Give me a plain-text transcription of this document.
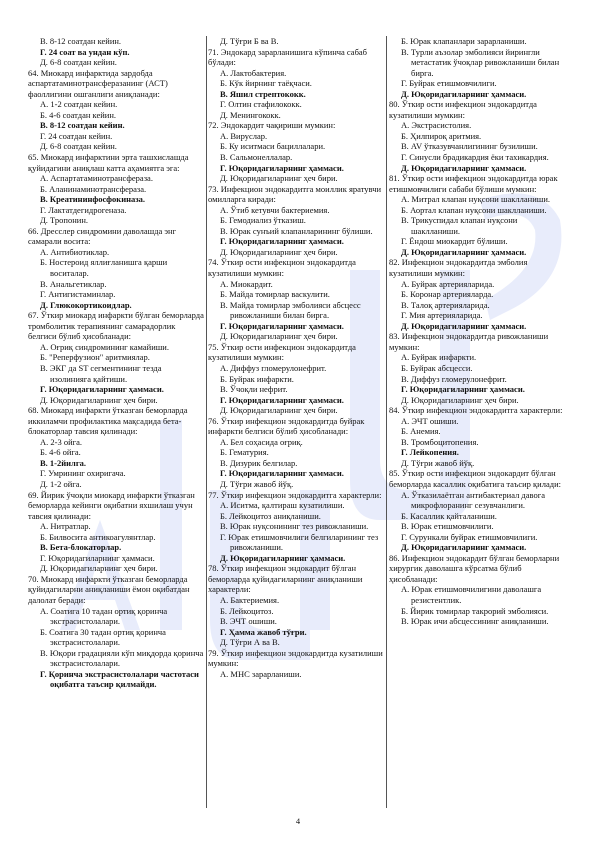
В. 8-12 соатдан кейин.
Г. 24 соат ва ундан кўп.
Д. 6-8 соатдан кейин.
64. Миокард инфарктида зардобда аспартатаминотрансферазанинг (АСТ) фаоллигини ошганлиги аниқланади:
А. 1-2 соатдан кейин.
Б. 4-6 соатдан кейин.
В. 8-12 соатдан кейин.
Г. 24 соатдан кейин.
Д. 6-8 соатдан кейин.
65. Миокард инфарктини эрта ташхислашда қуйидагини аниқлаш катта аҳамиятга эга:
А. Аспартатаминотрансфераза.
Б. Аланинаминотрансфераза.
В. Креатининфосфокиназа.
Г. Лактатдегидрогеназа.
Д. Тропонин.
66. Дресслер синдромини даволашда энг самарали восита:
А. Антибиотиклар.
Б. Ностероид яллиғланишга қарши воситалар.
В. Анальгетиклар.
Г. Антигистаминлар.
Д. Глюкокортикоидлар.
67. Ўткир миокард инфаркти бўлган беморларда тромболитик терапиянинг самарадорлик белгиси бўлиб ҳисобланади:
А. Оғриқ синдромининг камайиши.
Б. "Реперфузион" аритмиялар.
В. ЭКГ да ST сегментининг тезда изолинияга қайтиши.
Г. Юқоридагиларнинг ҳаммаси.
Д. Юқоридагиларнинг ҳеч бири.
68. Миокард инфаркти ўтказган беморларда иккиламчи профилактика мақсадида бета-блокаторлар тавсия қилинади:
А. 2-3 ойга.
Б. 4-6 ойга.
В. 1-2йилга.
Г. Умрининг охиригача.
Д. 1-2 ойга.
69. Йирик ўчоқли миокард инфаркти ўтказган беморларда кейинги оқибатни яхшилаш учун тавсия қилинади:
А. Нитратлар.
Б. Билвосита антикоагулянтлар.
В. Бета-блокаторлар.
Г. Юқоридагиларнинг ҳаммаси.
Д. Юқоридагиларнинг ҳеч бири.
70. Миокард инфаркти ўтказган беморларда қуйидагиларни аниқланиши ёмон оқибатдан далолат беради:
А. Соатига 10 тадан ортиқ қоринча экстрасистолалари.
Б. Соатига 30 тадан ортиқ қоринча экстрасистолалари.
В. Юқори градацияли кўп миқдорда қоринча экстрасистолалари.
Г. Қоринча экстрасистолалари частотаси оқибатга таъсир қилмайди.
Д. Тўғри Б ва В.
71. Эндокард зарарланишига кўпинча сабаб бўлади:
А. Лактобактерия.
Б. Кўк йирнинг таёқчаси.
В. Яшил стрептококк.
Г. Олтин стафилококк.
Д. Менингококк.
72. Эндокардит чақириши мумкин:
А. Вируслар.
Б. Ку иситмаси бациллалари.
В. Сальмонеллалар.
Г. Юқоридагиларнинг ҳаммаси.
Д. Юқоридагиларнинг ҳеч бири.
73. Инфекцион эндокардитга моиллик яратувчи омилларга киради:
А. Ўтиб кетувчи бактериемия.
Б. Гемодиализ ўтказиш.
В. Юрак сунъий клапанларининг бўлиши.
Г. Юқоридагиларнинг ҳаммаси.
Д. Юқоридагиларнинг ҳеч бири.
74. Ўткир ости инфекцион эндокардитда кузатилиши мумкин:
А. Миокардит.
Б. Майда томирлар васкулити.
В. Майда томирлар эмболияси абсцесс ривожланиши билан бирга.
Г. Юқоридагиларнинг ҳаммаси.
Д. Юқоридагиларнинг ҳеч бири.
75. Ўткир ости инфекцион эндокардитда кузатилиши мумкин:
А. Диффуз гломерулонефрит.
Б. Буйрак инфаркти.
В. Ўчоқли нефрит.
Г. Юқоридагиларнинг ҳаммаси.
Д. Юқоридагиларнинг ҳеч бири.
76. Ўткир инфекцион эндокардитда буйрак инфаркти белгиси бўлиб ҳисобланади:
А. Бел соҳасида оғриқ.
Б. Гематурия.
В. Дизурик белгилар.
Г. Юқоридагиларнинг ҳаммаси.
Д. Тўғри жавоб йўқ.
77. Ўткир инфекцион эндокардитга характерли:
А. Иситма, қалтираш кузатилиши.
Б. Лейкоцитоз аниқланиши.
В. Юрак нуқсонининг тез ривожланиши.
Г. Юрак етишмовчилиги белгиларининг тез ривожланиши.
Д. Юқоридагиларнинг ҳаммаси.
78. Ўткир инфекцион эндокардит бўлган беморларда қуйидагиларнинг аниқланиши характерли:
А. Бактериемия.
Б. Лейкоцитоз.
В. ЭЧТ ошиши.
Г. Ҳамма жавоб тўғри.
Д. Тўғри А ва В.
79. Ўткир инфекцион эндокардитда кузатилиши мумкин:
А. МНС зарарланиши.
Б. Юрак клапанлари зарарланиши.
В. Турли аъзолар эмболияси йирингли метастатик ўчоқлар ривожланиши билан бирга.
Г. Буйрак етишмовчилиги.
Д. Юқоридагиларнинг ҳаммаси.
80. Ўткир ости инфекцион эндокардитда кузатилиши мумкин:
А. Экстрасистолия.
Б. Ҳилпироқ аритмия.
В. AV ўтказувчанлигининг бузилиши.
Г. Синусли брадикардия ёки тахикардия.
Д. Юқоридагиларнинг ҳаммаси.
81. Ўткир ости инфекцион эндокардитда юрак етишмовчилиги сабаби бўлиши мумкин:
А. Митрал клапан нуқсони шаклланиши.
Б. Аортал клапан нуқсони шаклланиши.
В. Трикуспидал клапан нуқсони шаклланиши.
Г. Ёндош миокардит бўлиши.
Д. Юқоридагиларнинг ҳаммаси.
82. Инфекцион эндокардитда эмболия кузатилиши мумкин:
А. Буйрак артерияларида.
Б. Коронар артерияларда.
В. Талоқ артерияларида.
Г. Мия артерияларида.
Д. Юқоридагиларнинг ҳаммаси.
83. Инфекцион эндокардитда ривожланиши мумкин:
А. Буйрак инфаркти.
Б. Буйрак абсцесси.
В. Диффуз гломерулонефрит.
Г. Юқоридагиларнинг ҳаммаси.
Д. Юқоридагиларнинг ҳеч бири.
84. Ўткир инфекцион эндокардитга характерли:
А. ЭЧТ ошиши.
Б. Анемия.
В. Тромбоцитопения.
Г. Лейкопения.
Д. Тўғри жавоб йўқ.
85. Ўткир ости инфекцион эндокардит бўлган беморларда касаллик оқибатига таъсир қилади:
А. Ўтказилаётган антибактериал давога микрофлоранинг сезувчанлиги.
Б. Касаллик қайталаниши.
В. Юрак етишмовчилиги.
Г. Сурункали буйрак етишмовчилиги.
Д. Юқоридагиларнинг ҳаммаси.
86. Инфекцион эндокардит бўлган беморларни хирургик даволашга кўрсатма бўлиб ҳисобланади:
А. Юрак етишмовчилигини даволашга резистентлик.
Б. Йирик томирлар такрорий эмболияси.
В. Юрак ичи абсцессининг аниқланиши.
4
